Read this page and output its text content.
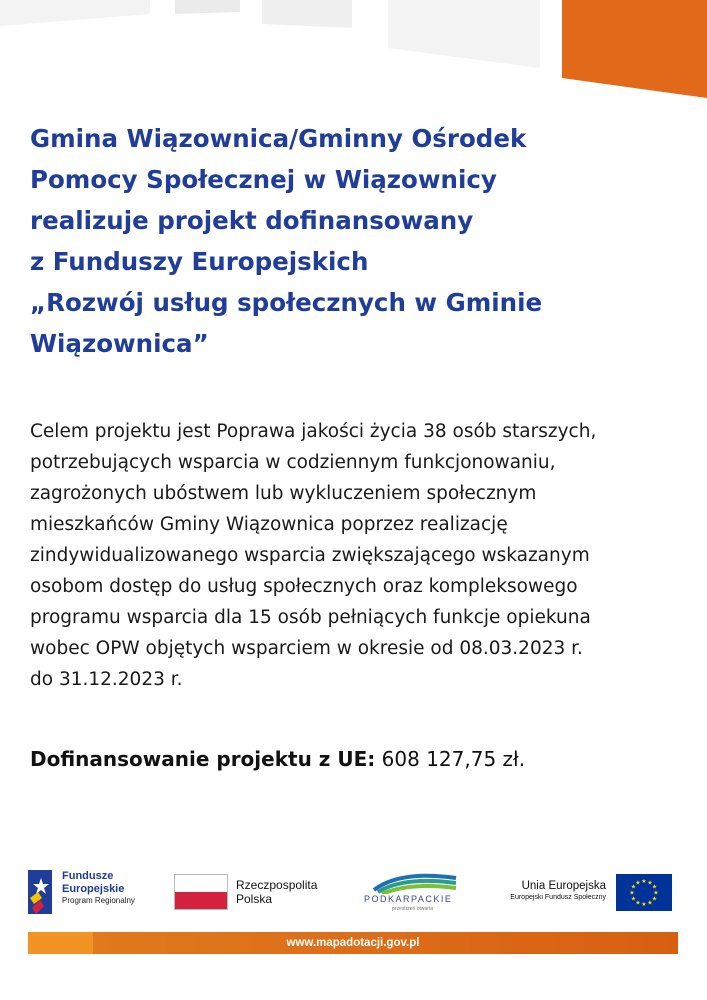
Gmina Wiązownica/Gminny Ośrodek
Pomocy Społecznej w Wiązownicy
realizuje projekt dofinansowany
z Funduszy Europejskich
„Rozwój usług społecznych w Gminie
Wiązownica”
Celem projektu jest Poprawa jakości życia 38 osób starszych,
potrzebujących wsparcia w codziennym funkcjonowaniu,
zagrożonych ubóstwem lub wykluczeniem społecznym
mieszkańców Gminy Wiązownica poprzez realizację
zindywidualizowanego wsparcia zwiększającego wskazanym
osobom dostęp do usług społecznych oraz kompleksowego
programu wsparcia dla 15 osób pełniących funkcje opiekuna
wobec OPW objętych wsparciem w okresie od 08.03.2023 r.
do 31.12.2023 r.
Dofinansowanie projektu z UE: 608 127,75 zł.
Fundusze
Europejskie
Program Regionalny
Rzeczpospolita
Polska	PODKARPACKIE
przestrzeń otwarta
Unia Europejska
Europejski Fundusz Społeczny
★ ★
★
★
★
★
★
★
★
★
★
★
www.mapadotacji.gov.pl
